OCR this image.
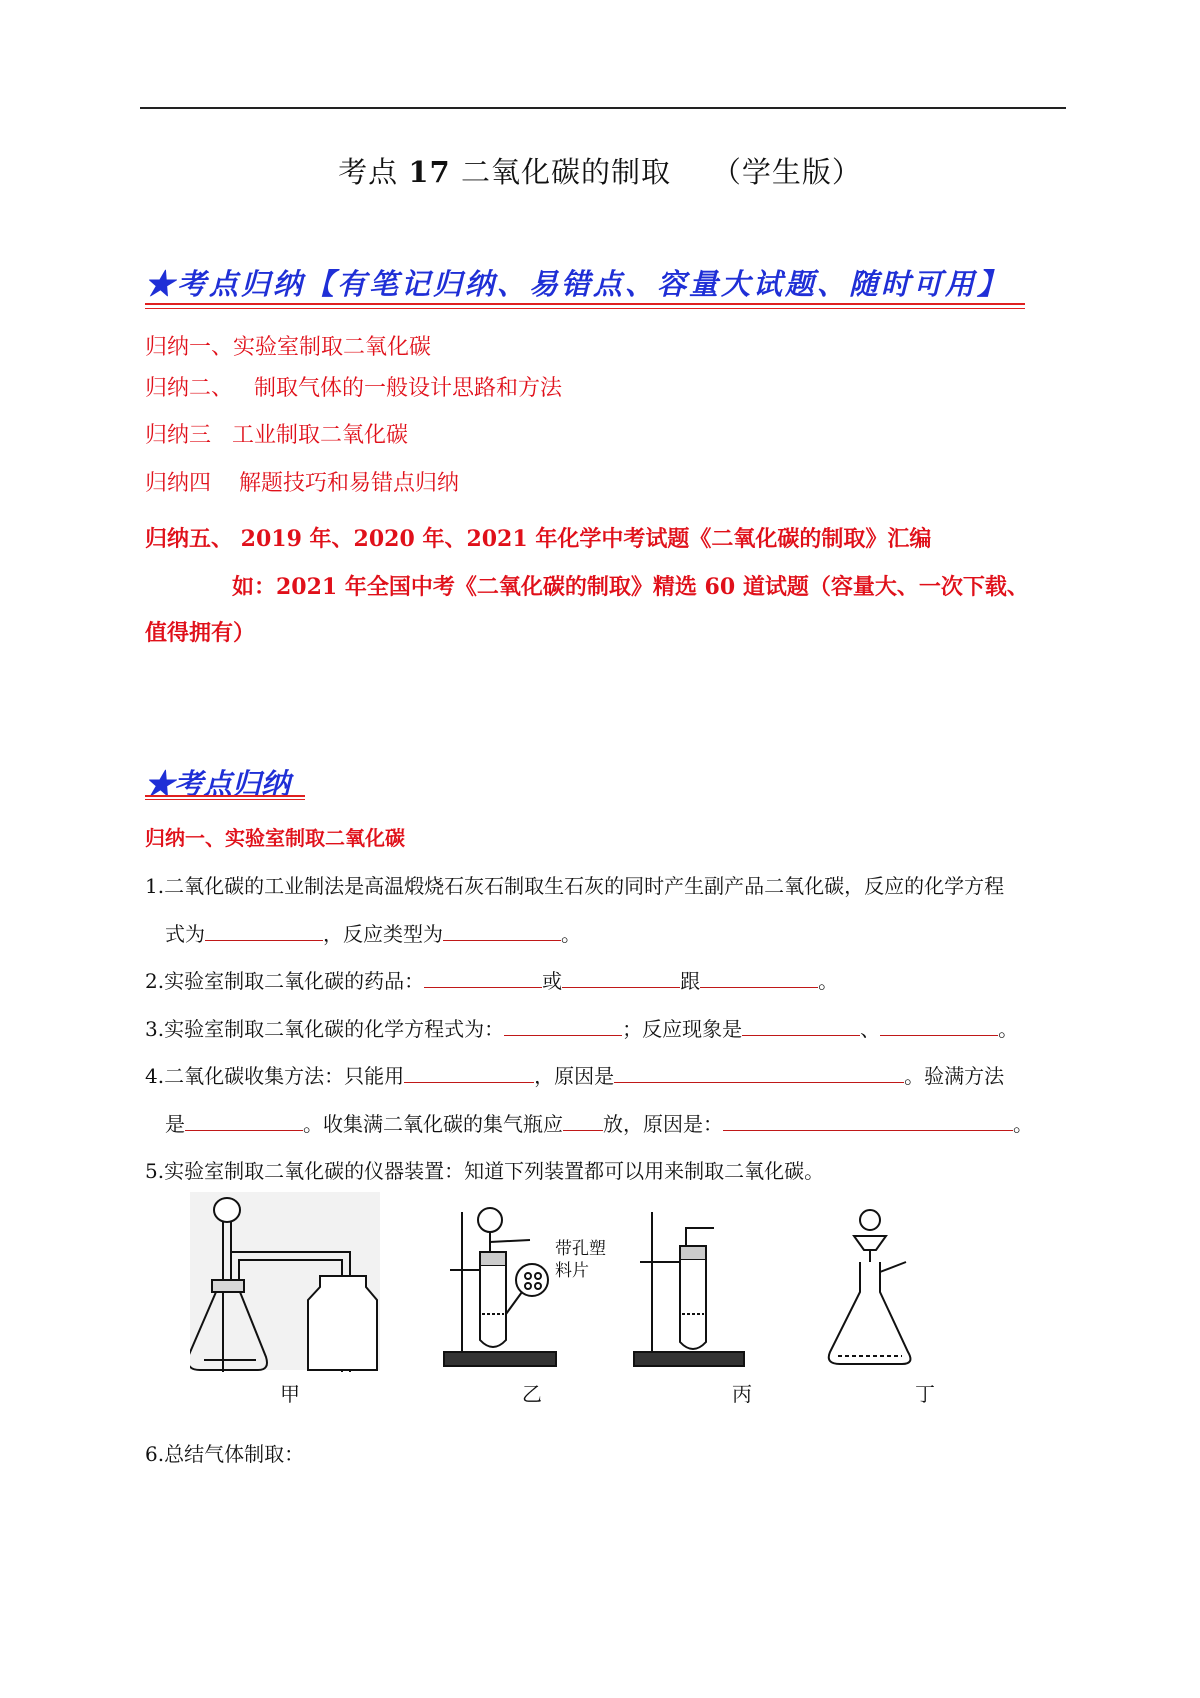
考点 17 二氧化碳的制取 （学生版）
★考点归纳【有笔记归纳、易错点、容量大试题、随时可用】
归纳一、实验室制取二氧化碳
归纳二、   制取气体的一般设计思路和方法
归纳三   工业制取二氧化碳
归纳四    解题技巧和易错点归纳
归纳五、 2019 年、2020 年、2021 年化学中考试题《二氧化碳的制取》汇编
如：2021 年全国中考《二氧化碳的制取》精选 60 道试题（容量大、一次下载、
值得拥有）
★考点归纳
归纳一、实验室制取二氧化碳
1.二氧化碳的工业制法是高温煅烧石灰石制取生石灰的同时产生副产品二氧化碳，反应的化学方程
式为	，反应类型为	。
2.实验室制取二氧化碳的药品：	或	跟	。
3.实验室制取二氧化碳的化学方程式为：	；反应现象是	、	。
4.二氧化碳收集方法：只能用	，原因是	。验满方法
是	。收集满二氧化碳的集气瓶应 放，原因是：	。
5.实验室制取二氧化碳的仪器装置：知道下列装置都可以用来制取二氧化碳。
带孔塑
料片
甲	乙	丙	丁
6.总结气体制取：
